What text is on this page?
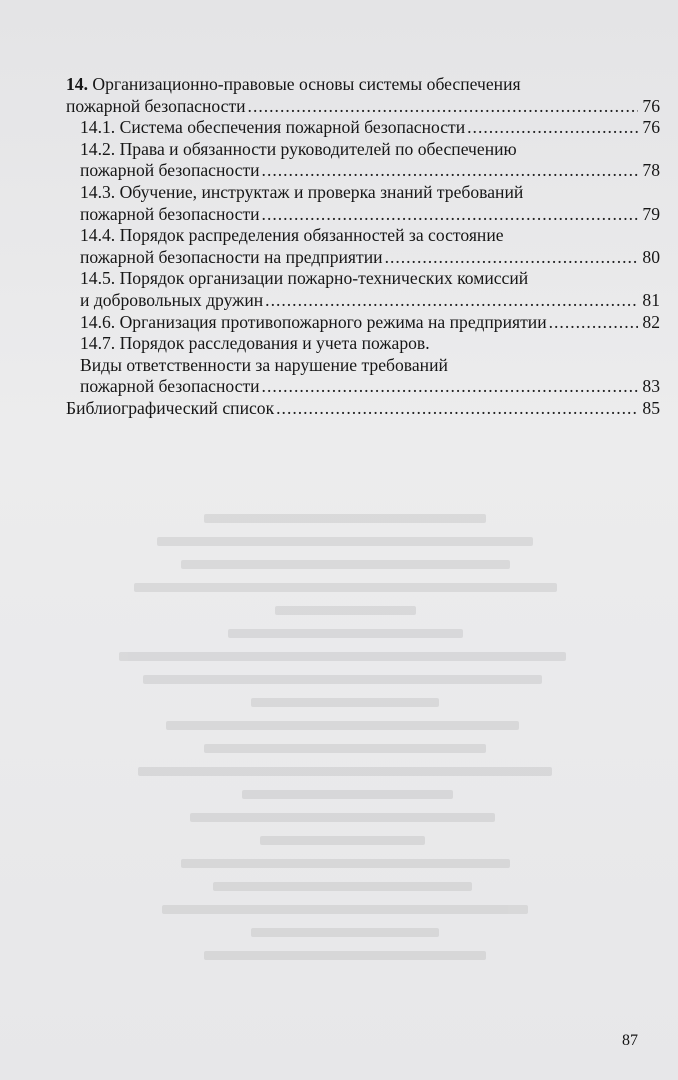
14. Организационно-правовые основы системы обеспечения
пожарной безопасности .....	76
14.1. Система обеспечения пожарной безопасности .....	76
14.2. Права и обязанности руководителей по обеспечению
пожарной безопасности .....	78
14.3. Обучение, инструктаж и проверка знаний требований
пожарной безопасности .....	79
14.4. Порядок распределения обязанностей за состояние
пожарной безопасности на предприятии .....	80
14.5. Порядок организации пожарно-технических комиссий
и добровольных дружин .....	81
14.6. Организация противопожарного режима на предприятии .....	82
14.7. Порядок расследования и учета пожаров.
Виды ответственности за нарушение требований
пожарной безопасности .....	83
Библиографический список .....	85
87
